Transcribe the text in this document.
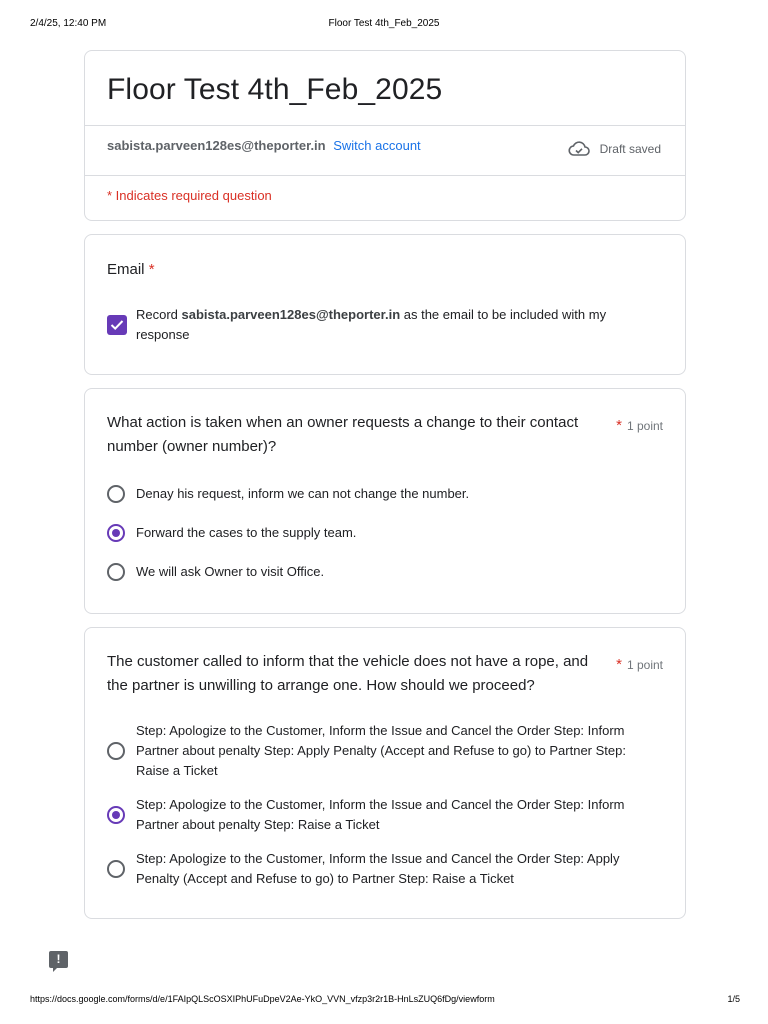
2/4/25, 12:40 PM	Floor Test 4th_Feb_2025
Floor Test 4th_Feb_2025
sabista.parveen128es@theporter.in Switch account	Draft saved
* Indicates required question
Email *
Record sabista.parveen128es@theporter.in as the email to be included with my response
What action is taken when an owner requests a change to their contact number (owner number)?
* 1 point
Denay his request, inform we can not change the number.
Forward the cases to the supply team.
We will ask Owner to visit Office.
The customer called to inform that the vehicle does not have a rope, and the partner is unwilling to arrange one. How should we proceed?
* 1 point
Step: Apologize to the Customer, Inform the Issue and Cancel the Order Step: Inform Partner about penalty Step: Apply Penalty (Accept and Refuse to go) to Partner Step: Raise a Ticket
Step: Apologize to the Customer, Inform the Issue and Cancel the Order Step: Inform Partner about penalty Step: Raise a Ticket
Step: Apologize to the Customer, Inform the Issue and Cancel the Order Step: Apply Penalty (Accept and Refuse to go) to Partner Step: Raise a Ticket
!
https://docs.google.com/forms/d/e/1FAIpQLScOSXIPhUFuDpeV2Ae-YkO_VVN_vfzp3r2r1B-HnLsZUQ6fDg/viewform	1/5
